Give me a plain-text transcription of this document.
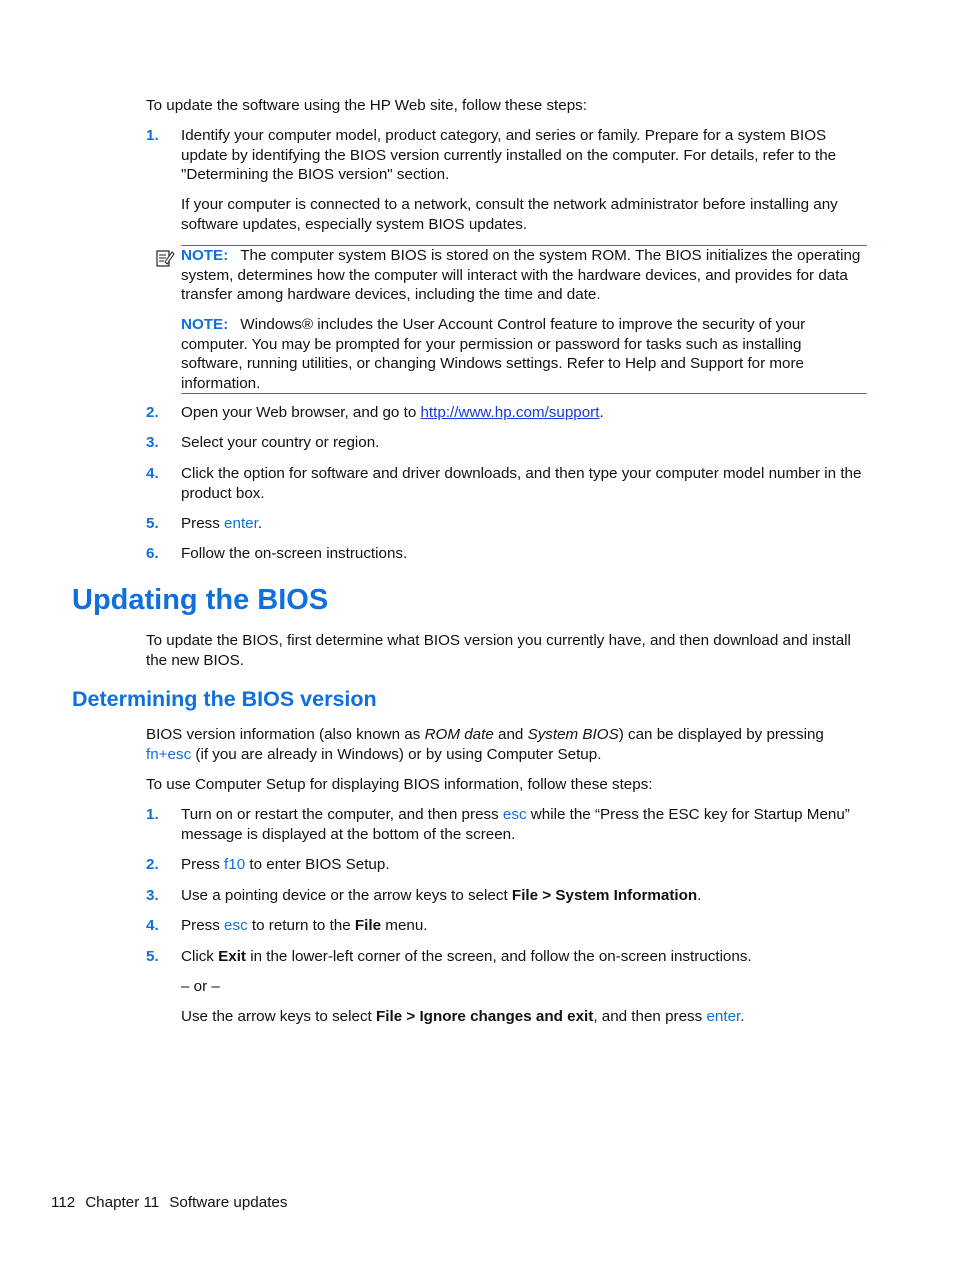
To update the software using the HP Web site, follow these steps:
1. Identify your computer model, product category, and series or family. Prepare for a system BIOS update by identifying the BIOS version currently installed on the computer. For details, refer to the "Determining the BIOS version" section.
If your computer is connected to a network, consult the network administrator before installing any software updates, especially system BIOS updates.
NOTE: The computer system BIOS is stored on the system ROM. The BIOS initializes the operating system, determines how the computer will interact with the hardware devices, and provides for data transfer among hardware devices, including the time and date.
NOTE: Windows® includes the User Account Control feature to improve the security of your computer. You may be prompted for your permission or password for tasks such as installing software, running utilities, or changing Windows settings. Refer to Help and Support for more information.
2. Open your Web browser, and go to http://www.hp.com/support.
3. Select your country or region.
4. Click the option for software and driver downloads, and then type your computer model number in the product box.
5. Press enter.
6. Follow the on-screen instructions.
Updating the BIOS
To update the BIOS, first determine what BIOS version you currently have, and then download and install the new BIOS.
Determining the BIOS version
BIOS version information (also known as ROM date and System BIOS) can be displayed by pressing fn+esc (if you are already in Windows) or by using Computer Setup.
To use Computer Setup for displaying BIOS information, follow these steps:
1. Turn on or restart the computer, and then press esc while the “Press the ESC key for Startup Menu” message is displayed at the bottom of the screen.
2. Press f10 to enter BIOS Setup.
3. Use a pointing device or the arrow keys to select File > System Information.
4. Press esc to return to the File menu.
5. Click Exit in the lower-left corner of the screen, and follow the on-screen instructions.
– or –
Use the arrow keys to select File > Ignore changes and exit, and then press enter.
112 Chapter 11 Software updates
